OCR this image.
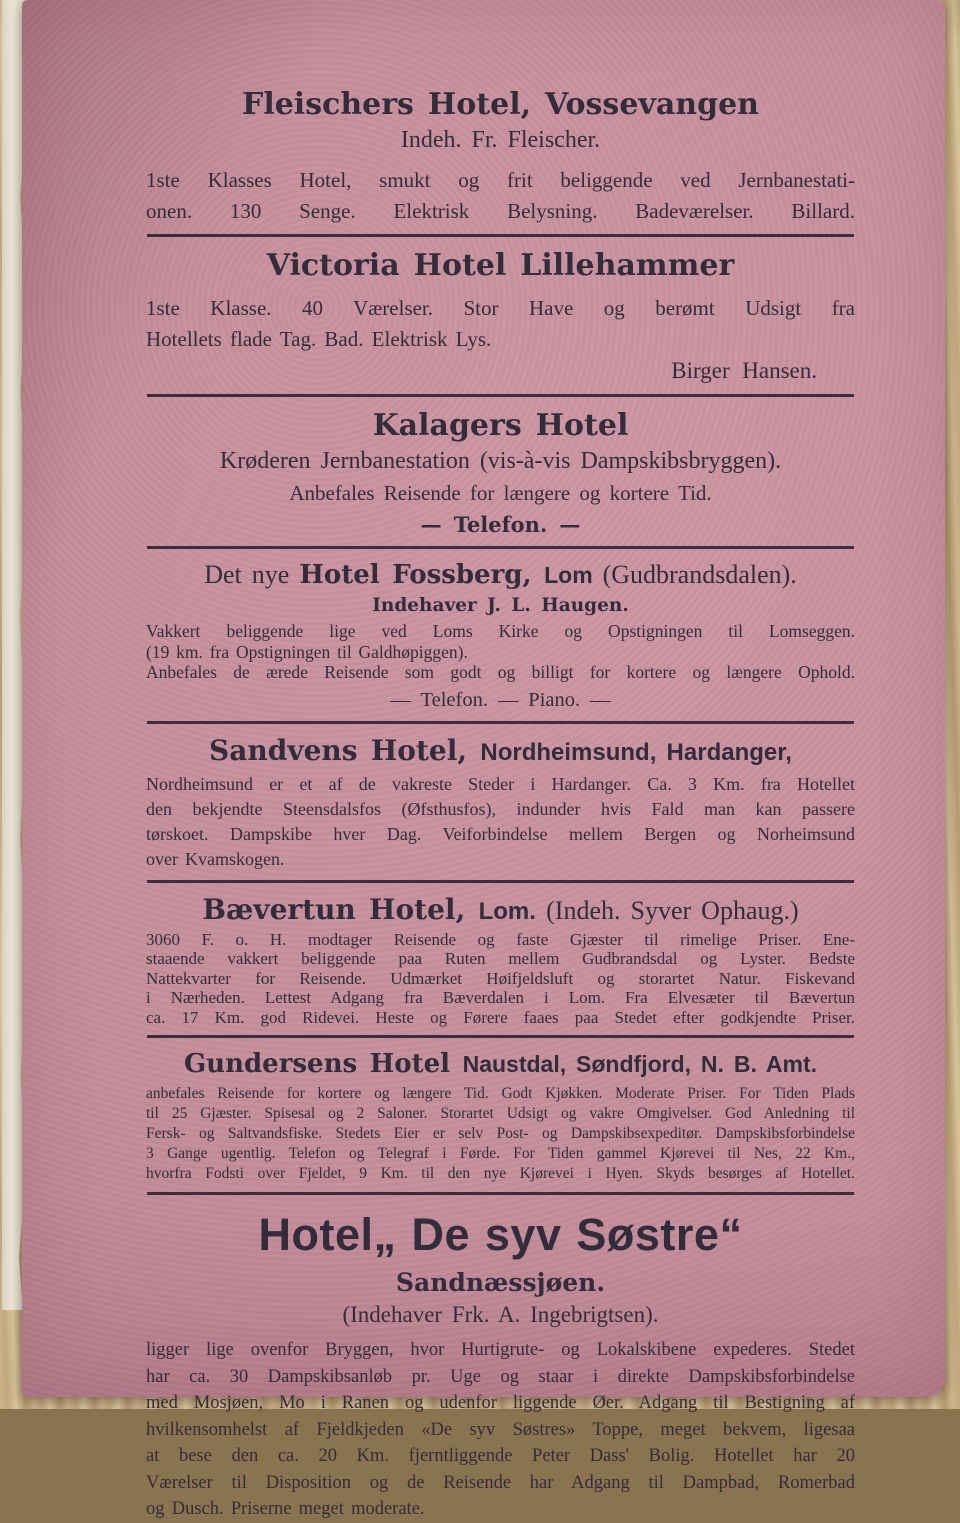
Fleischers Hotel, Vossevangen
Indeh. Fr. Fleischer.
1ste Klasses Hotel, smukt og frit beliggende ved Jernbanestati-
onen. 130 Senge. Elektrisk Belysning. Badeværelser. Billard.
Victoria Hotel Lillehammer
1ste Klasse. 40 Værelser. Stor Have og berømt Udsigt fra
Hotellets flade Tag. Bad. Elektrisk Lys.
Birger Hansen.
Kalagers Hotel
Krøderen Jernbanestation (vis-à-vis Dampskibsbryggen).
Anbefales Reisende for længere og kortere Tid.
— Telefon. —
Det nye Hotel Fossberg, Lom (Gudbrandsdalen).
Indehaver J. L. Haugen.
Vakkert beliggende lige ved Loms Kirke og Opstigningen til Lomseggen.
(19 km. fra Opstigningen til Galdhøpiggen).
Anbefales de ærede Reisende som godt og billigt for kortere og længere Ophold.
— Telefon. — Piano. —
Sandvens Hotel, Nordheimsund, Hardanger,
Nordheimsund er et af de vakreste Steder i Hardanger. Ca. 3 Km. fra Hotellet
den bekjendte Steensdalsfos (Øfsthusfos), indunder hvis Fald man kan passere
tørskoet. Dampskibe hver Dag. Veiforbindelse mellem Bergen og Norheimsund
over Kvamskogen.
Bævertun Hotel, Lom. (Indeh. Syver Ophaug.)
3060 F. o. H. modtager Reisende og faste Gjæster til rimelige Priser. Ene-
staaende vakkert beliggende paa Ruten mellem Gudbrandsdal og Lyster. Bedste
Nattekvarter for Reisende. Udmærket Høifjeldsluft og storartet Natur. Fiskevand
i Nærheden. Lettest Adgang fra Bæverdalen i Lom. Fra Elvesæter til Bævertun
ca. 17 Km. god Ridevei. Heste og Førere faaes paa Stedet efter godkjendte Priser.
Gundersens Hotel Naustdal, Søndfjord, N. B. Amt.
anbefales Reisende for kortere og længere Tid. Godt Kjøkken. Moderate Priser. For Tiden Plads
til 25 Gjæster. Spisesal og 2 Saloner. Storartet Udsigt og vakre Omgivelser. God Anledning til
Fersk- og Saltvandsfiske. Stedets Eier er selv Post- og Dampskibsexpeditør. Dampskibsforbindelse
3 Gange ugentlig. Telefon og Telegraf i Førde. For Tiden gammel Kjørevei til Nes, 22 Km.,
hvorfra Fodsti over Fjeldet, 9 Km. til den nye Kjørevei i Hyen. Skyds besørges af Hotellet.
Hotel„ De syv Søstre“
Sandnæssjøen.
(Indehaver Frk. A. Ingebrigtsen).
ligger lige ovenfor Bryggen, hvor Hurtigrute- og Lokalskibene expederes. Stedet
har ca. 30 Dampskibsanløb pr. Uge og staar i direkte Dampskibsforbindelse
med Mosjøen, Mo i Ranen og udenfor liggende Øer. Adgang til Bestigning af
hvilkensomhelst af Fjeldkjeden «De syv Søstres» Toppe, meget bekvem, ligesaa
at bese den ca. 20 Km. fjerntliggende Peter Dass' Bolig. Hotellet har 20
Værelser til Disposition og de Reisende har Adgang til Dampbad, Romerbad
og Dusch. Priserne meget moderate.
